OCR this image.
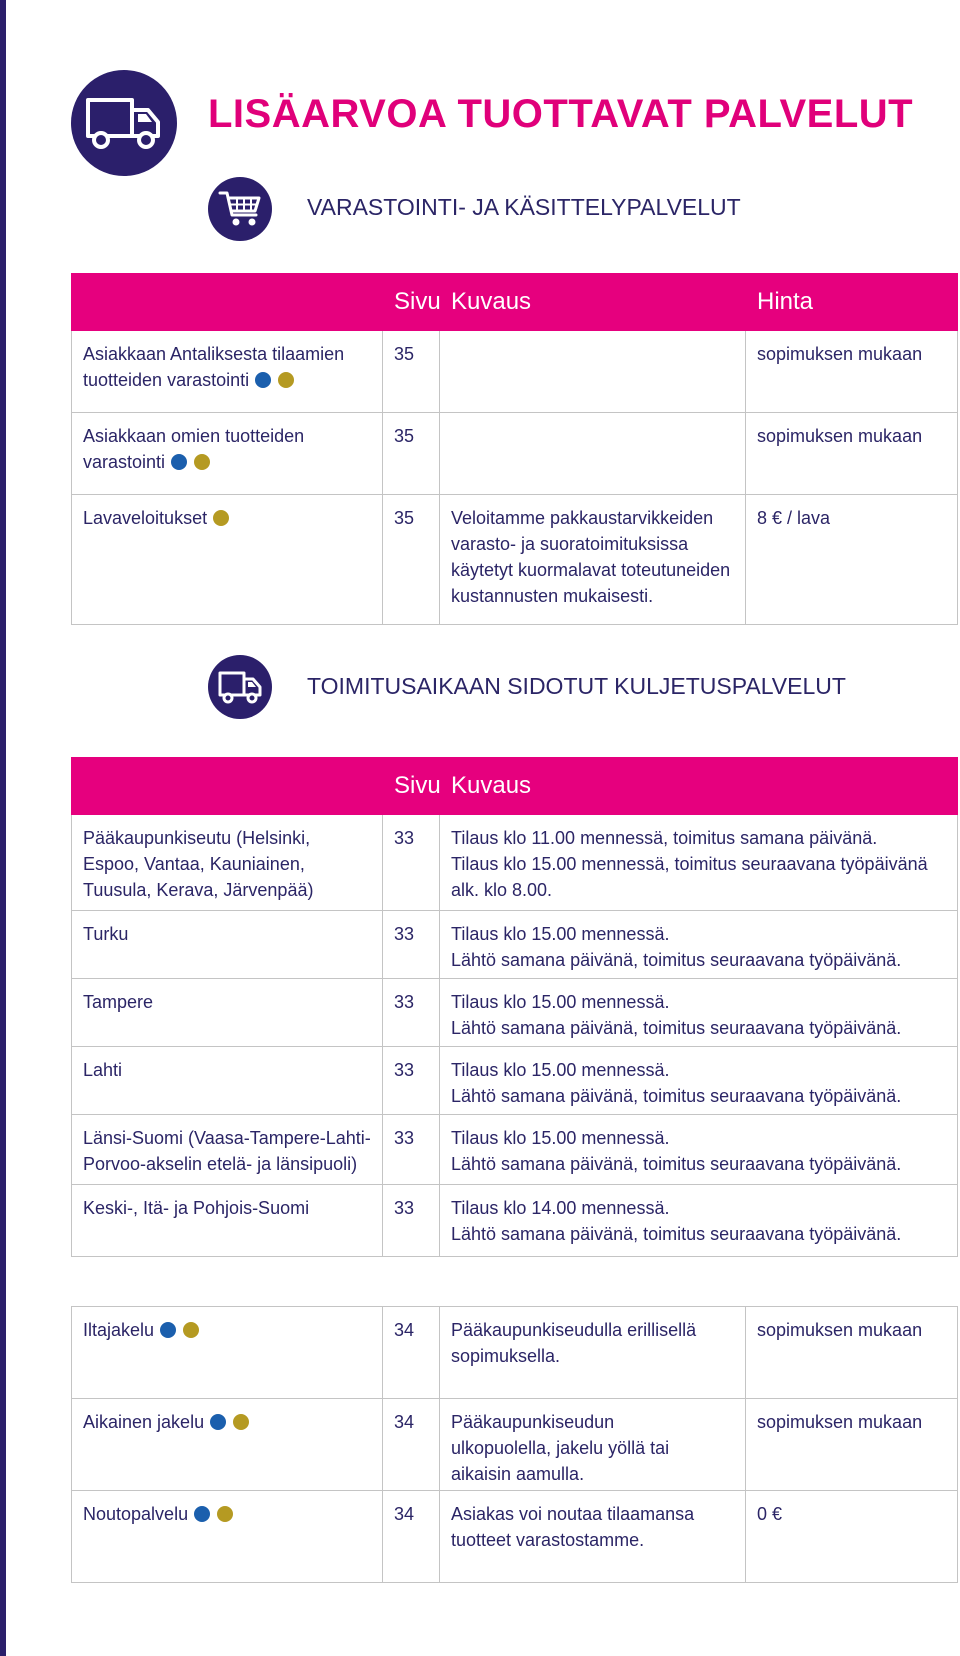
LISÄARVOA TUOTTAVAT PALVELUT
VARASTOINTI- JA KÄSITTELYPALVELUT
	Sivu	Kuvaus	Hinta
Asiakkaan Antaliksesta tilaamien
tuotteiden varastointi	35		sopimuksen mukaan
Asiakkaan omien tuotteiden
varastointi	35		sopimuksen mukaan
Lavaveloitukset	35	Veloitamme pakkaustarvikkeiden
varasto- ja suoratoimituksissa
käytetyt kuormalavat toteutuneiden
kustannusten mukaisesti.	8 € / lava
TOIMITUSAIKAAN SIDOTUT KULJETUSPALVELUT
	Sivu	Kuvaus
Pääkaupunkiseutu (Helsinki,
Espoo, Vantaa, Kauniainen,
Tuusula, Kerava, Järvenpää)	33	Tilaus klo 11.00 mennessä, toimitus samana päivänä.
Tilaus klo 15.00 mennessä, toimitus seuraavana työpäivänä
alk. klo 8.00.
Turku	33	Tilaus klo 15.00 mennessä.
Lähtö samana päivänä, toimitus seuraavana työpäivänä.
Tampere	33	Tilaus klo 15.00 mennessä.
Lähtö samana päivänä, toimitus seuraavana työpäivänä.
Lahti	33	Tilaus klo 15.00 mennessä.
Lähtö samana päivänä, toimitus seuraavana työpäivänä.
Länsi-Suomi (Vaasa-Tampere-Lahti-
Porvoo-akselin etelä- ja länsipuoli)	33	Tilaus klo 15.00 mennessä.
Lähtö samana päivänä, toimitus seuraavana työpäivänä.
Keski-, Itä- ja Pohjois-Suomi	33	Tilaus klo 14.00 mennessä.
Lähtö samana päivänä, toimitus seuraavana työpäivänä.
Iltajakelu	34	Pääkaupunkiseudulla erillisellä
sopimuksella.	sopimuksen mukaan
Aikainen jakelu	34	Pääkaupunkiseudun
ulkopuolella, jakelu yöllä tai
aikaisin aamulla.	sopimuksen mukaan
Noutopalvelu	34	Asiakas voi noutaa tilaamansa
tuotteet varastostamme.	0 €
